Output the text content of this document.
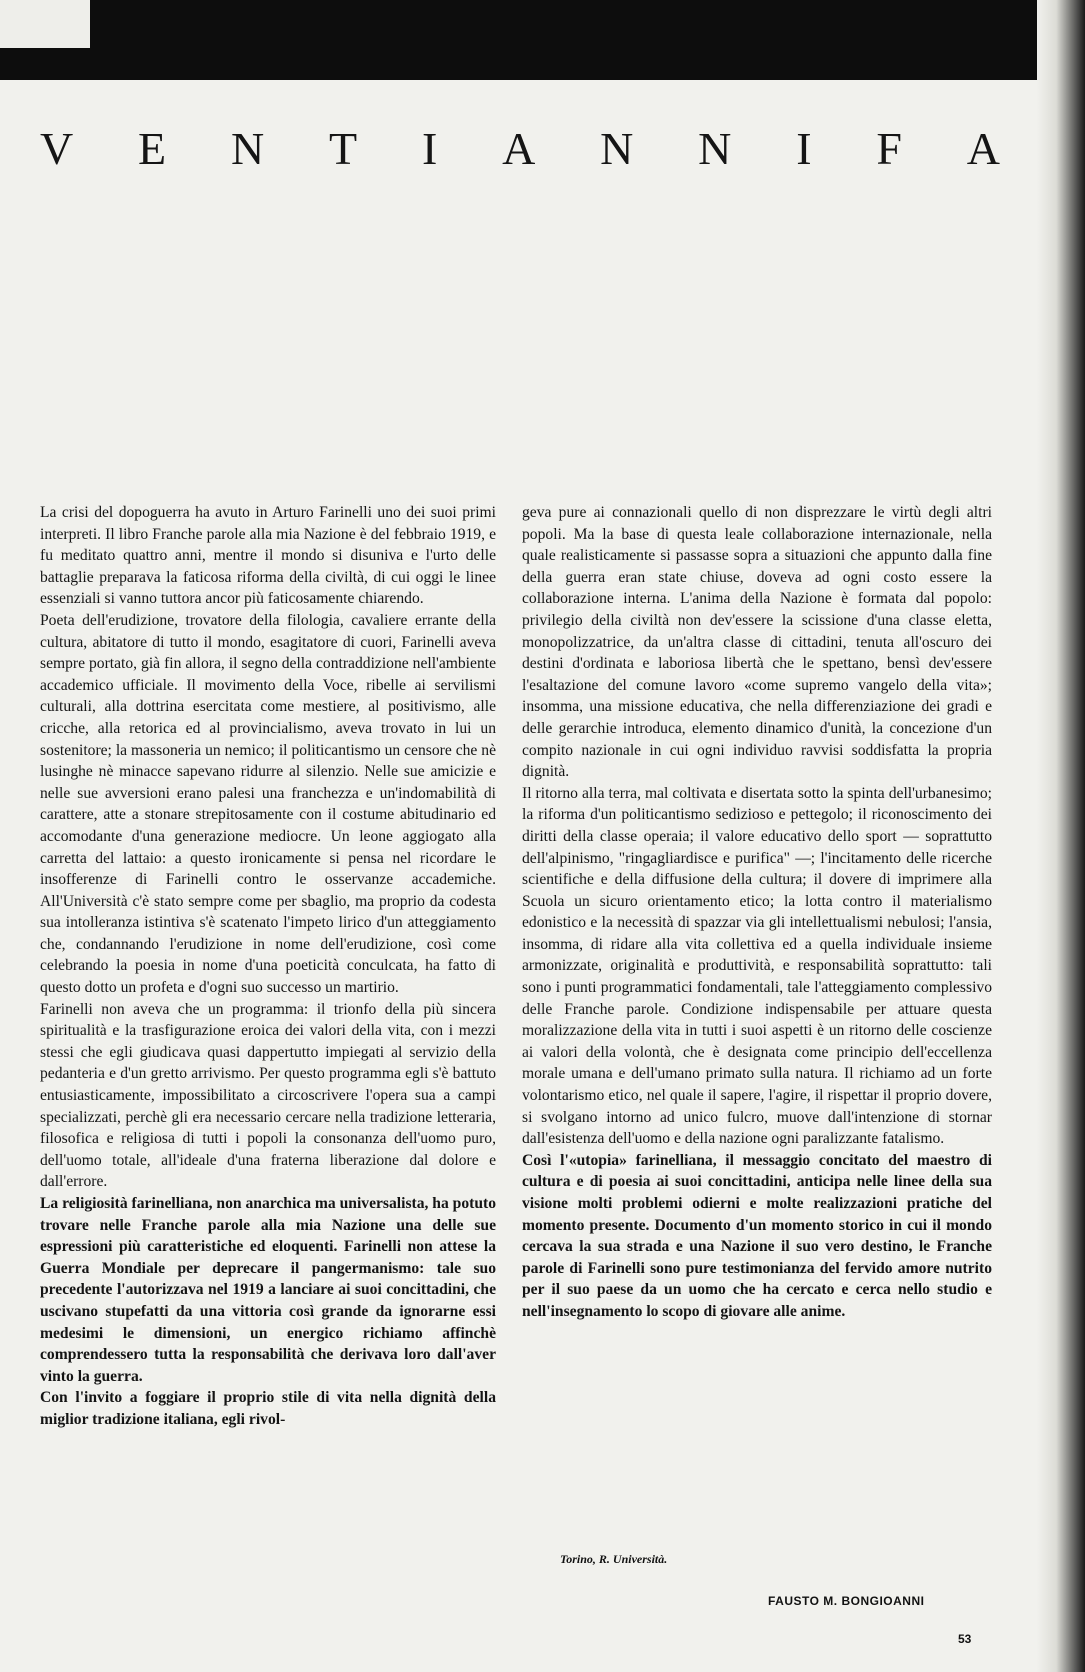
V E N T I A N N I F A

La crisi del dopoguerra ha avuto in Arturo Farinelli uno dei suoi primi interpreti. Il libro Franche parole alla mia Nazione è del febbraio 1919, e fu meditato quattro anni, mentre il mondo si disuniva e l'urto delle battaglie preparava la faticosa riforma della civiltà, di cui oggi le linee essenziali si vanno tuttora ancor più faticosamente chiarendo.

Poeta dell'erudizione, trovatore della filologia, cavaliere errante della cultura, abitatore di tutto il mondo, esagitatore di cuori, Farinelli aveva sempre portato, già fin allora, il segno della contraddizione nell'ambiente accademico ufficiale. Il movimento della Voce, ribelle ai servilismi culturali, alla dottrina esercitata come mestiere, al positivismo, alle cricche, alla retorica ed al provincialismo, aveva trovato in lui un sostenitore; la massoneria un nemico; il politicantismo un censore che nè lusinghe nè minacce sapevano ridurre al silenzio. Nelle sue amicizie e nelle sue avversioni erano palesi una franchezza e un'indomabilità di carattere, atte a stonare strepitosamente con il costume abitudinario ed accomodante d'una generazione mediocre. Un leone aggiogato alla carretta del lattaio: a questo ironicamente si pensa nel ricordare le insofferenze di Farinelli contro le osservanze accademiche. All'Università c'è stato sempre come per sbaglio, ma proprio da codesta sua intolleranza istintiva s'è scatenato l'impeto lirico d'un atteggiamento che, condannando l'erudizione in nome dell'erudizione, così come celebrando la poesia in nome d'una poeticità conculcata, ha fatto di questo dotto un profeta e d'ogni suo successo un martirio.

Farinelli non aveva che un programma: il trionfo della più sincera spiritualità e la trasfigurazione eroica dei valori della vita, con i mezzi stessi che egli giudicava quasi dappertutto impiegati al servizio della pedanteria e d'un gretto arrivismo. Per questo programma egli s'è battuto entusiasticamente, impossibilitato a circoscrivere l'opera sua a campi specializzati, perchè gli era necessario cercare nella tradizione letteraria, filosofica e religiosa di tutti i popoli la consonanza dell'uomo puro, dell'uomo totale, all'ideale d'una fraterna liberazione dal dolore e dall'errore.

La religiosità farinelliana, non anarchica ma universalista, ha potuto trovare nelle Franche parole alla mia Nazione una delle sue espressioni più caratteristiche ed eloquenti. Farinelli non attese la Guerra Mondiale per deprecare il pangermanismo: tale suo precedente l'autorizzava nel 1919 a lanciare ai suoi concittadini, che uscivano stupefatti da una vittoria così grande da ignorarne essi medesimi le dimensioni, un energico richiamo affinchè comprendessero tutta la responsabilità che derivava loro dall'aver vinto la guerra.

Con l'invito a foggiare il proprio stile di vita nella dignità della miglior tradizione italiana, egli rivol-

geva pure ai connazionali quello di non disprezzare le virtù degli altri popoli. Ma la base di questa leale collaborazione internazionale, nella quale realisticamente si passasse sopra a situazioni che appunto dalla fine della guerra eran state chiuse, doveva ad ogni costo essere la collaborazione interna. L'anima della Nazione è formata dal popolo: privilegio della civiltà non dev'essere la scissione d'una classe eletta, monopolizzatrice, da un'altra classe di cittadini, tenuta all'oscuro dei destini d'ordinata e laboriosa libertà che le spettano, bensì dev'essere l'esaltazione del comune lavoro «come supremo vangelo della vita»; insomma, una missione educativa, che nella differenziazione dei gradi e delle gerarchie introduca, elemento dinamico d'unità, la concezione d'un compito nazionale in cui ogni individuo ravvisi soddisfatta la propria dignità.

Il ritorno alla terra, mal coltivata e disertata sotto la spinta dell'urbanesimo; la riforma d'un politicantismo sedizioso e pettegolo; il riconoscimento dei diritti della classe operaia; il valore educativo dello sport — soprattutto dell'alpinismo, "ringagliardisce e purifica" —; l'incitamento delle ricerche scientifiche e della diffusione della cultura; il dovere di imprimere alla Scuola un sicuro orientamento etico; la lotta contro il materialismo edonistico e la necessità di spazzar via gli intellettualismi nebulosi; l'ansia, insomma, di ridare alla vita collettiva ed a quella individuale insieme armonizzate, originalità e produttività, e responsabilità soprattutto: tali sono i punti programmatici fondamentali, tale l'atteggiamento complessivo delle Franche parole. Condizione indispensabile per attuare questa moralizzazione della vita in tutti i suoi aspetti è un ritorno delle coscienze ai valori della volontà, che è designata come principio dell'eccellenza morale umana e dell'umano primato sulla natura. Il richiamo ad un forte volontarismo etico, nel quale il sapere, l'agire, il rispettar il proprio dovere, si svolgano intorno ad unico fulcro, muove dall'intenzione di stornar dall'esistenza dell'uomo e della nazione ogni paralizzante fatalismo.

Così l'«utopia» farinelliana, il messaggio concitato del maestro di cultura e di poesia ai suoi concittadini, anticipa nelle linee della sua visione molti problemi odierni e molte realizzazioni pratiche del momento presente. Documento d'un momento storico in cui il mondo cercava la sua strada e una Nazione il suo vero destino, le Franche parole di Farinelli sono pure testimonianza del fervido amore nutrito per il suo paese da un uomo che ha cercato e cerca nello studio e nell'insegnamento lo scopo di giovare alle anime.

Torino, R. Università.
FAUSTO M. BONGIOANNI
53
